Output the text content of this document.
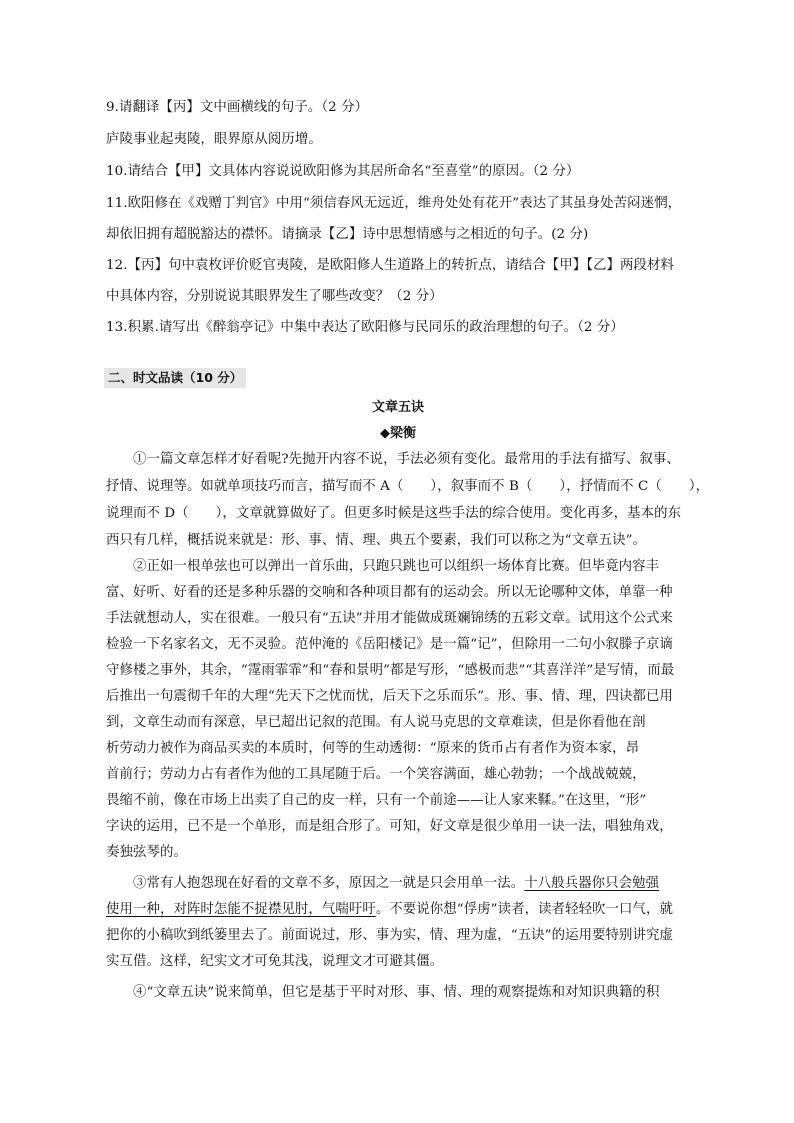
9.请翻译【丙】文中画横线的句子。（2 分）
庐陵事业起夷陵，眼界原从阅历增。
10.请结合【甲】文具体内容说说欧阳修为其居所命名“至喜堂”的原因。（2 分）
11.欧阳修在《戏赠丁判官》中用“须信春风无远近，维舟处处有花开”表达了其虽身处苦闷迷惘，
却依旧拥有超脱豁达的襟怀。请摘录【乙】诗中思想情感与之相近的句子。(2 分)
12.【丙】句中袁枚评价贬官夷陵，是欧阳修人生道路上的转折点，请结合【甲】【乙】两段材料
中具体内容，分别说说其眼界发生了哪些改变？（2 分）
13.积累.请写出《醉翁亭记》中集中表达了欧阳修与民同乐的政治理想的句子。（2 分）
二、时文品读（10 分）
文章五诀
◆梁衡
①一篇文章怎样才好看呢?先抛开内容不说，手法必须有变化。最常用的手法有描写、叙事、
抒情、说理等。如就单项技巧而言，描写而不 A（　　），叙事而不 B（　　），抒情而不 C（　　），
说理而不 D（　　），文章就算做好了。但更多时候是这些手法的综合使用。变化再多，基本的东
西只有几样，概括说来就是：形、事、情、理、典五个要素，我们可以称之为“文章五诀”。
②正如一根单弦也可以弹出一首乐曲，只跑只跳也可以组织一场体育比赛。但毕竟内容丰
富、好听、好看的还是多种乐器的交响和各种项目都有的运动会。所以无论哪种文体，单靠一种
手法就想动人，实在很难。一般只有“五诀”并用才能做成斑斓锦绣的五彩文章。试用这个公式来
检验一下名家名文，无不灵验。范仲淹的《岳阳楼记》是一篇“记”，但除用一二句小叙滕子京谪
守修楼之事外，其余，“霪雨霏霏”和“春和景明”都是写形，“感极而悲”“其喜洋洋”是写情，而最
后推出一句震彻千年的大理“先天下之忧而忧，后天下之乐而乐”。形、事、情、理，四诀都已用
到，文章生动而有深意，早已超出记叙的范围。有人说马克思的文章难读，但是你看他在剖
析劳动力被作为商品买卖的本质时，何等的生动透彻：“原来的货币占有者作为资本家，昂
首前行；劳动力占有者作为他的工具尾随于后。一个笑容满面，雄心勃勃；一个战战兢兢，
畏缩不前，像在市场上出卖了自己的皮一样，只有一个前途——让人家来鞣。”在这里，“形”
字诀的运用，已不是一个单形，而是组合形了。可知，好文章是很少单用一诀一法，唱独角戏，
奏独弦琴的。
③常有人抱怨现在好看的文章不多，原因之一就是只会用单一法。十八般兵器你只会勉强
使用一种，对阵时怎能不捉襟见肘，气喘吁吁。不要说你想“俘虏”读者，读者轻轻吹一口气，就
把你的小稿吹到纸篓里去了。前面说过，形、事为实，情、理为虚，“五诀”的运用要特别讲究虚
实互借。这样，纪实文才可免其浅，说理文才可避其僵。
④“文章五诀”说来简单，但它是基于平时对形、事、情、理的观察提炼和对知识典籍的积
